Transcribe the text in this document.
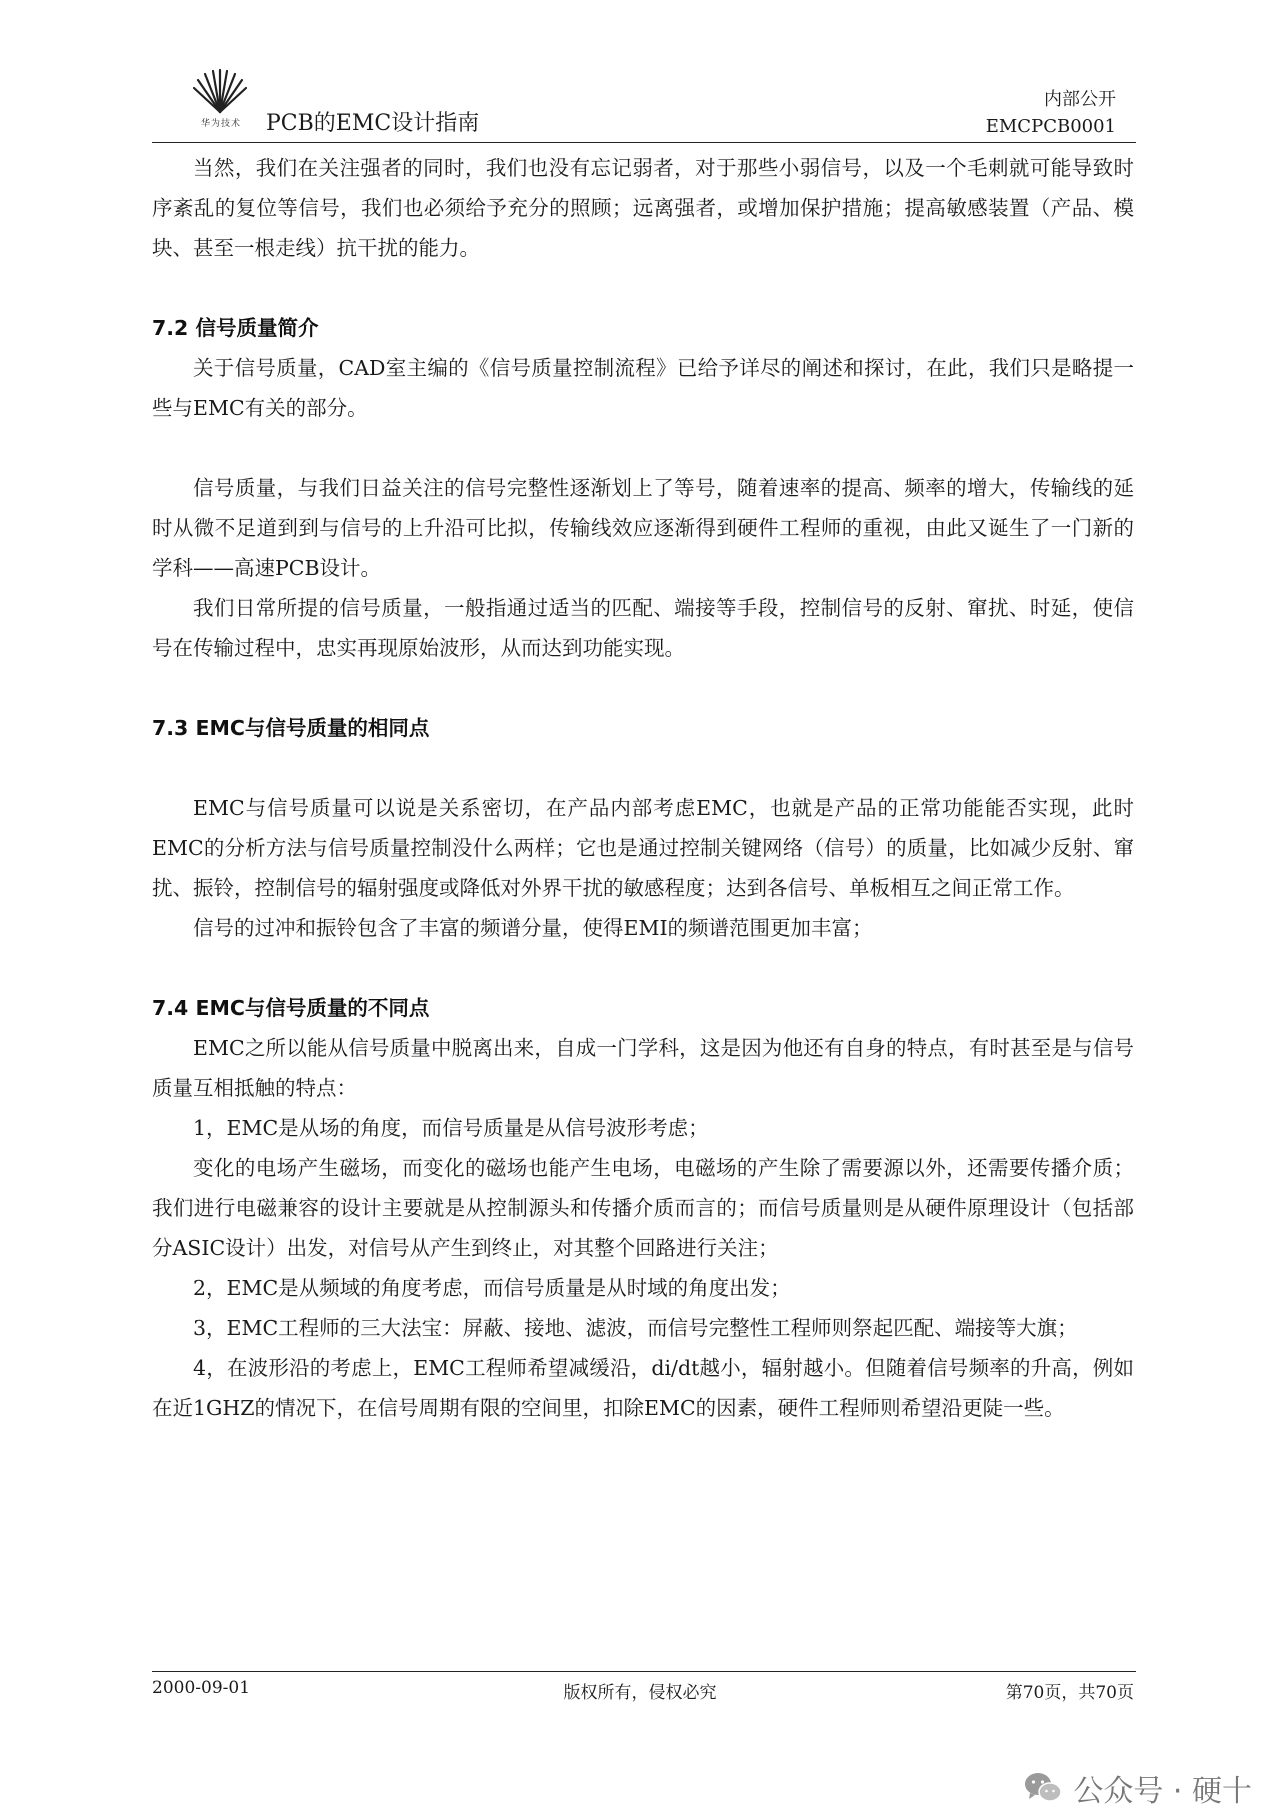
华为技术	PCB的EMC设计指南
内部公开
EMCPCB0001

当然，我们在关注强者的同时，我们也没有忘记弱者，对于那些小弱信号，以及一个毛刺就可能导致时序紊乱的复位等信号，我们也必须给予充分的照顾；远离强者，或增加保护措施；提高敏感装置（产品、模块、甚至一根走线）抗干扰的能力。

7.2 信号质量简介

关于信号质量，CAD室主编的《信号质量控制流程》已给予详尽的阐述和探讨，在此，我们只是略提一些与EMC有关的部分。

信号质量，与我们日益关注的信号完整性逐渐划上了等号，随着速率的提高、频率的增大，传输线的延时从微不足道到到与信号的上升沿可比拟，传输线效应逐渐得到硬件工程师的重视，由此又诞生了一门新的学科——高速PCB设计。

我们日常所提的信号质量，一般指通过适当的匹配、端接等手段，控制信号的反射、窜扰、时延，使信号在传输过程中，忠实再现原始波形，从而达到功能实现。

7.3 EMC与信号质量的相同点

EMC与信号质量可以说是关系密切，在产品内部考虑EMC，也就是产品的正常功能能否实现，此时EMC的分析方法与信号质量控制没什么两样；它也是通过控制关键网络（信号）的质量，比如减少反射、窜扰、振铃，控制信号的辐射强度或降低对外界干扰的敏感程度；达到各信号、单板相互之间正常工作。

信号的过冲和振铃包含了丰富的频谱分量，使得EMI的频谱范围更加丰富；

7.4 EMC与信号质量的不同点

EMC之所以能从信号质量中脱离出来，自成一门学科，这是因为他还有自身的特点，有时甚至是与信号质量互相抵触的特点：

1，EMC是从场的角度，而信号质量是从信号波形考虑；

变化的电场产生磁场，而变化的磁场也能产生电场，电磁场的产生除了需要源以外，还需要传播介质；我们进行电磁兼容的设计主要就是从控制源头和传播介质而言的；而信号质量则是从硬件原理设计（包括部分ASIC设计）出发，对信号从产生到终止，对其整个回路进行关注；

2，EMC是从频域的角度考虑，而信号质量是从时域的角度出发；

3，EMC工程师的三大法宝：屏蔽、接地、滤波，而信号完整性工程师则祭起匹配、端接等大旗；

4，在波形沿的考虑上，EMC工程师希望减缓沿，di/dt越小，辐射越小。但随着信号频率的升高，例如在近1GHZ的情况下，在信号周期有限的空间里，扣除EMC的因素，硬件工程师则希望沿更陡一些。

2000-09-01	版权所有，侵权必究	第70页，共70页
公众号 · 硬十
